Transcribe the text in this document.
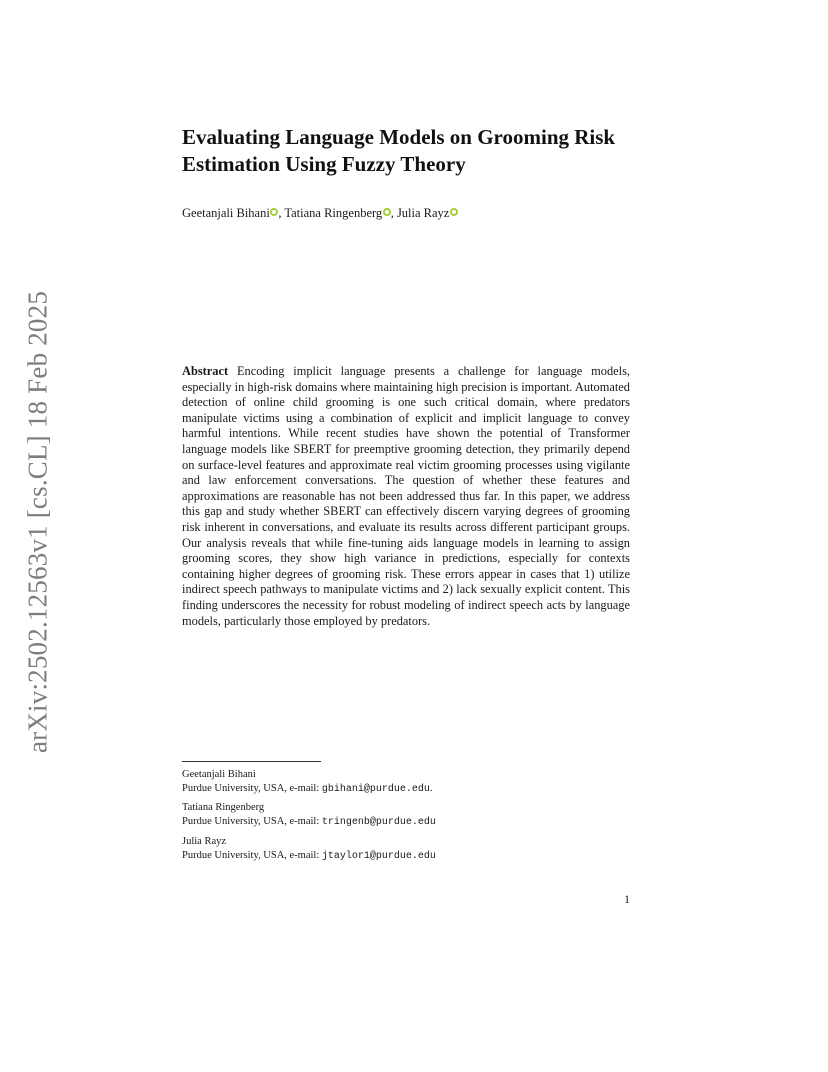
arXiv:2502.12563v1 [cs.CL] 18 Feb 2025
Evaluating Language Models on Grooming Risk
Estimation Using Fuzzy Theory
Geetanjali Bihani , Tatiana Ringenberg , Julia Rayz

Abstract Encoding implicit language presents a challenge for language models, especially in high-risk domains where maintaining high precision is important. Automated detection of online child grooming is one such critical domain, where predators manipulate victims using a combination of explicit and implicit language to convey harmful intentions. While recent studies have shown the potential of Transformer language models like SBERT for preemptive grooming detection, they primarily depend on surface-level features and approximate real victim grooming processes using vigilante and law enforcement conversations. The question of whether these features and approximations are reasonable has not been addressed thus far. In this paper, we address this gap and study whether SBERT can effectively discern varying degrees of grooming risk inherent in conversations, and evaluate its results across different participant groups. Our analysis reveals that while fine-tuning aids language models in learning to assign grooming scores, they show high variance in predictions, especially for contexts containing higher degrees of grooming risk. These errors appear in cases that 1) utilize indirect speech pathways to manipulate victims and 2) lack sexually explicit content. This finding underscores the necessity for robust modeling of indirect speech acts by language models, particularly those employed by predators.

Geetanjali Bihani
Purdue University, USA, e-mail: gbihani@purdue.edu.
Tatiana Ringenberg
Purdue University, USA, e-mail: tringenb@purdue.edu
Julia Rayz
Purdue University, USA, e-mail: jtaylor1@purdue.edu
1
